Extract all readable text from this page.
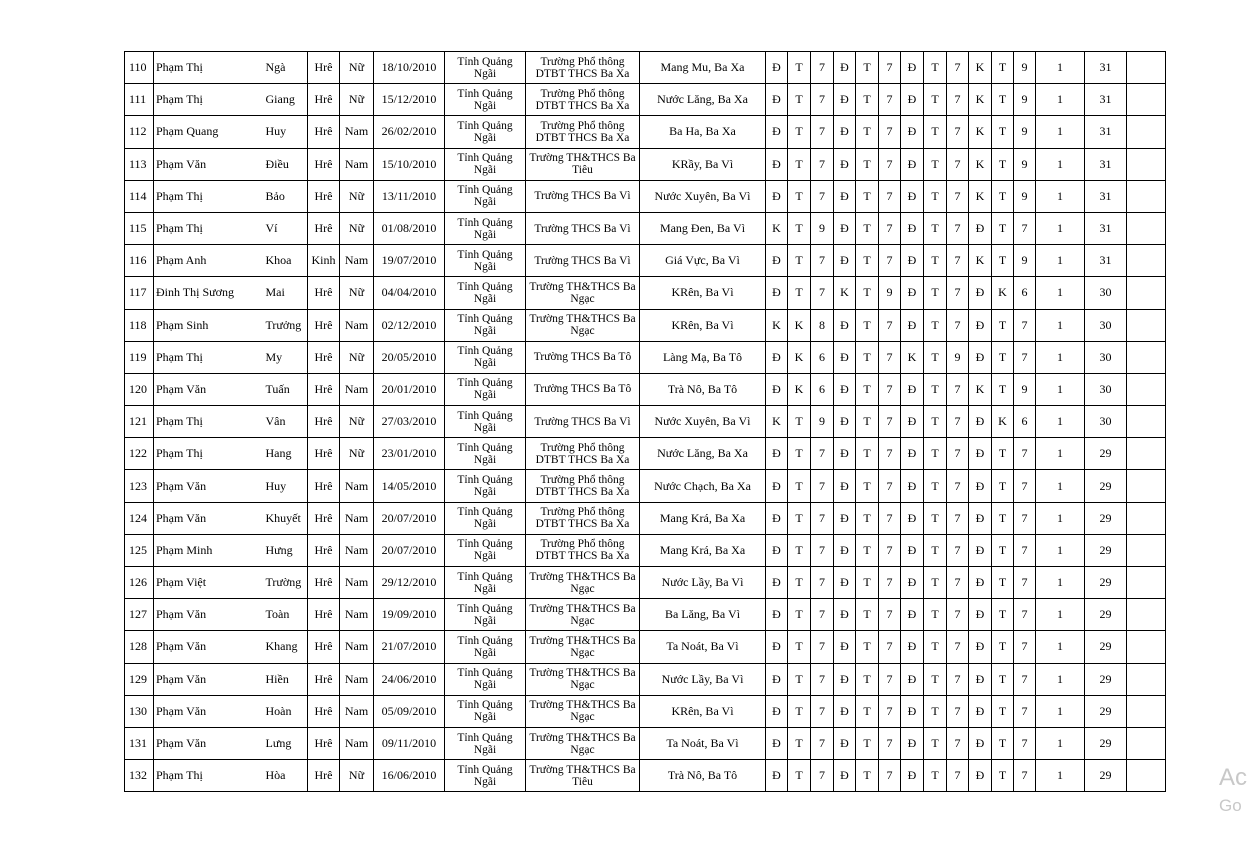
110	Phạm Thị	Ngà	Hrê	Nữ	18/10/2010	Tỉnh Quảng Ngãi	Trường Phổ thông DTBT THCS Ba Xa	Mang Mu, Ba Xa	Đ	T	7	Đ	T	7	Đ	T	7	K	T	9	1	31	
111	Phạm Thị	Giang	Hrê	Nữ	15/12/2010	Tỉnh Quảng Ngãi	Trường Phổ thông DTBT THCS Ba Xa	Nước Lăng, Ba Xa	Đ	T	7	Đ	T	7	Đ	T	7	K	T	9	1	31	
112	Phạm Quang	Huy	Hrê	Nam	26/02/2010	Tỉnh Quảng Ngãi	Trường Phổ thông DTBT THCS Ba Xa	Ba Ha, Ba Xa	Đ	T	7	Đ	T	7	Đ	T	7	K	T	9	1	31	
113	Phạm Văn	Điều	Hrê	Nam	15/10/2010	Tỉnh Quảng Ngãi	Trường TH&THCS Ba Tiêu	KRầy, Ba Vì	Đ	T	7	Đ	T	7	Đ	T	7	K	T	9	1	31	
114	Phạm Thị	Bảo	Hrê	Nữ	13/11/2010	Tỉnh Quảng Ngãi	Trường THCS Ba Vì	Nước Xuyên, Ba Vì	Đ	T	7	Đ	T	7	Đ	T	7	K	T	9	1	31	
115	Phạm Thị	Ví	Hrê	Nữ	01/08/2010	Tỉnh Quảng Ngãi	Trường THCS Ba Vì	Mang Đen, Ba Vì	K	T	9	Đ	T	7	Đ	T	7	Đ	T	7	1	31	
116	Phạm Anh	Khoa	Kinh	Nam	19/07/2010	Tỉnh Quảng Ngãi	Trường THCS Ba Vì	Giá Vực, Ba Vì	Đ	T	7	Đ	T	7	Đ	T	7	K	T	9	1	31	
117	Đinh Thị Sương	Mai	Hrê	Nữ	04/04/2010	Tỉnh Quảng Ngãi	Trường TH&THCS Ba Ngạc	KRên, Ba Vì	Đ	T	7	K	T	9	Đ	T	7	Đ	K	6	1	30	
118	Phạm Sinh	Trưởng	Hrê	Nam	02/12/2010	Tỉnh Quảng Ngãi	Trường TH&THCS Ba Ngạc	KRên, Ba Vì	K	K	8	Đ	T	7	Đ	T	7	Đ	T	7	1	30	
119	Phạm Thị	My	Hrê	Nữ	20/05/2010	Tỉnh Quảng Ngãi	Trường THCS Ba Tô	Làng Mạ, Ba Tô	Đ	K	6	Đ	T	7	K	T	9	Đ	T	7	1	30	
120	Phạm Văn	Tuấn	Hrê	Nam	20/01/2010	Tỉnh Quảng Ngãi	Trường THCS Ba Tô	Trà Nô, Ba Tô	Đ	K	6	Đ	T	7	Đ	T	7	K	T	9	1	30	
121	Phạm Thị	Vân	Hrê	Nữ	27/03/2010	Tỉnh Quảng Ngãi	Trường THCS Ba Vì	Nước Xuyên, Ba Vì	K	T	9	Đ	T	7	Đ	T	7	Đ	K	6	1	30	
122	Phạm Thị	Hang	Hrê	Nữ	23/01/2010	Tỉnh Quảng Ngãi	Trường Phổ thông DTBT THCS Ba Xa	Nước Lăng, Ba Xa	Đ	T	7	Đ	T	7	Đ	T	7	Đ	T	7	1	29	
123	Phạm Văn	Huy	Hrê	Nam	14/05/2010	Tỉnh Quảng Ngãi	Trường Phổ thông DTBT THCS Ba Xa	Nước Chạch, Ba Xa	Đ	T	7	Đ	T	7	Đ	T	7	Đ	T	7	1	29	
124	Phạm Văn	Khuyết	Hrê	Nam	20/07/2010	Tỉnh Quảng Ngãi	Trường Phổ thông DTBT THCS Ba Xa	Mang Krá, Ba Xa	Đ	T	7	Đ	T	7	Đ	T	7	Đ	T	7	1	29	
125	Phạm Minh	Hưng	Hrê	Nam	20/07/2010	Tỉnh Quảng Ngãi	Trường Phổ thông DTBT THCS Ba Xa	Mang Krá, Ba Xa	Đ	T	7	Đ	T	7	Đ	T	7	Đ	T	7	1	29	
126	Phạm Việt	Trường	Hrê	Nam	29/12/2010	Tỉnh Quảng Ngãi	Trường TH&THCS Ba Ngạc	Nước Lầy, Ba Vì	Đ	T	7	Đ	T	7	Đ	T	7	Đ	T	7	1	29	
127	Phạm Văn	Toàn	Hrê	Nam	19/09/2010	Tỉnh Quảng Ngãi	Trường TH&THCS Ba Ngạc	Ba Lăng, Ba Vì	Đ	T	7	Đ	T	7	Đ	T	7	Đ	T	7	1	29	
128	Phạm Văn	Khang	Hrê	Nam	21/07/2010	Tỉnh Quảng Ngãi	Trường TH&THCS Ba Ngạc	Ta Noát, Ba Vì	Đ	T	7	Đ	T	7	Đ	T	7	Đ	T	7	1	29	
129	Phạm Văn	Hiền	Hrê	Nam	24/06/2010	Tỉnh Quảng Ngãi	Trường TH&THCS Ba Ngạc	Nước Lầy, Ba Vì	Đ	T	7	Đ	T	7	Đ	T	7	Đ	T	7	1	29	
130	Phạm Văn	Hoàn	Hrê	Nam	05/09/2010	Tỉnh Quảng Ngãi	Trường TH&THCS Ba Ngạc	KRên, Ba Vì	Đ	T	7	Đ	T	7	Đ	T	7	Đ	T	7	1	29	
131	Phạm Văn	Lưng	Hrê	Nam	09/11/2010	Tỉnh Quảng Ngãi	Trường TH&THCS Ba Ngạc	Ta Noát, Ba Vì	Đ	T	7	Đ	T	7	Đ	T	7	Đ	T	7	1	29	
132	Phạm Thị	Hòa	Hrê	Nữ	16/06/2010	Tỉnh Quảng Ngãi	Trường TH&THCS Ba Tiêu	Trà Nô, Ba Tô	Đ	T	7	Đ	T	7	Đ	T	7	Đ	T	7	1	29		Ac
Go
